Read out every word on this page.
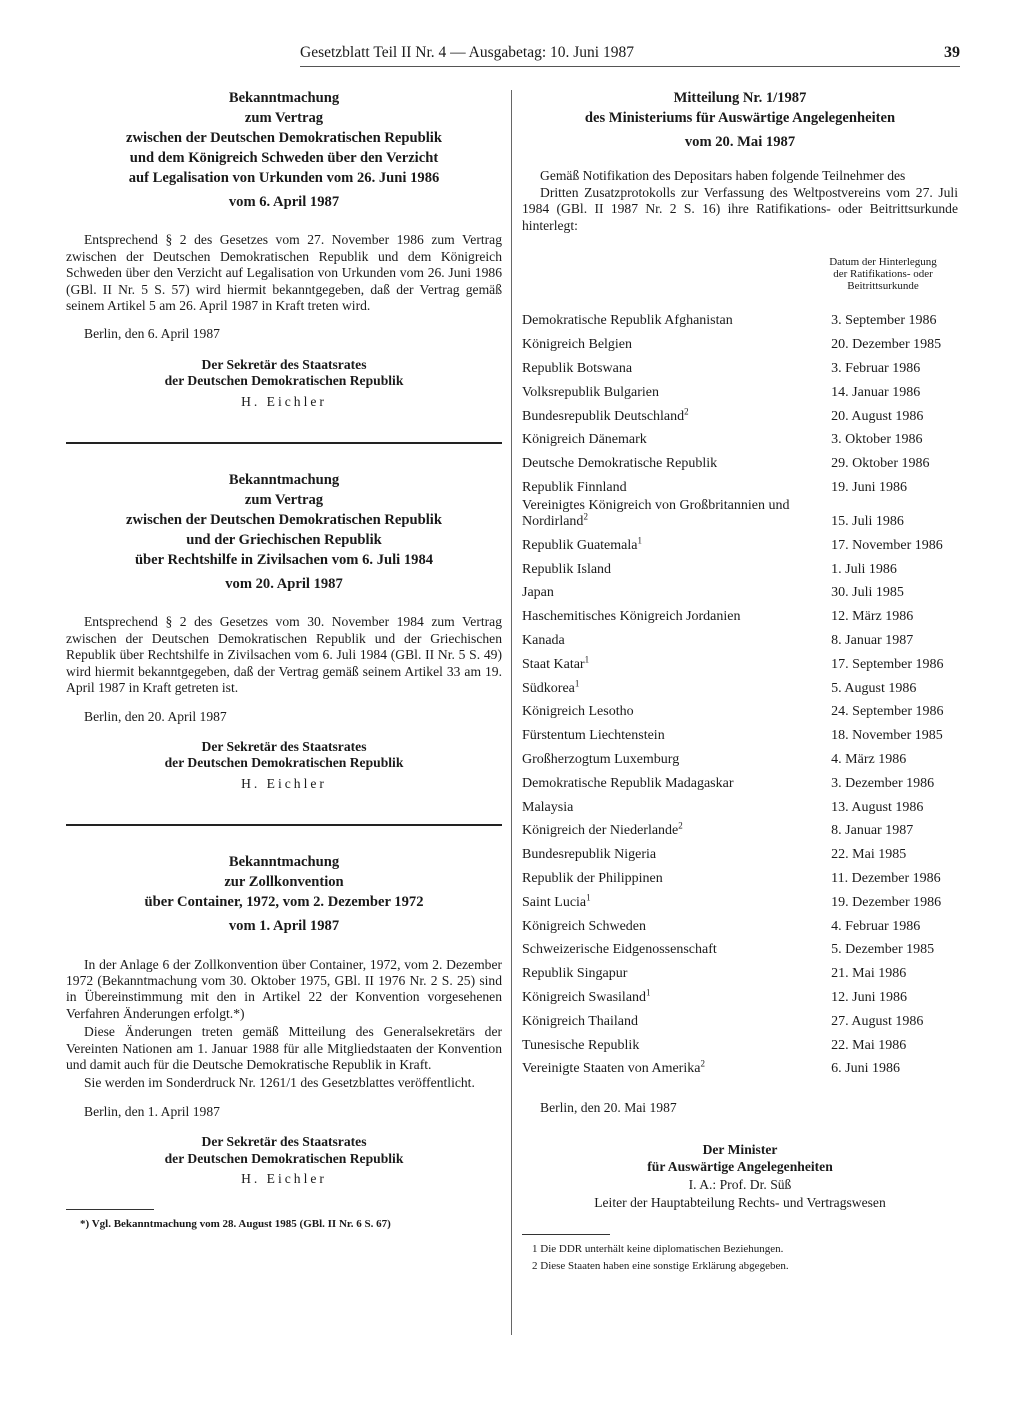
Gesetzblatt Teil II Nr. 4 — Ausgabetag: 10. Juni 1987	39
Bekanntmachung
zum Vertrag
zwischen der Deutschen Demokratischen Republik
und dem Königreich Schweden über den Verzicht
auf Legalisation von Urkunden vom 26. Juni 1986
vom 6. April 1987

Entsprechend § 2 des Gesetzes vom 27. November 1986 zum Vertrag zwischen der Deutschen Demokratischen Republik und dem Königreich Schweden über den Verzicht auf Legalisation von Urkunden vom 26. Juni 1986 (GBl. II Nr. 5 S. 57) wird hiermit bekanntgegeben, daß der Vertrag gemäß seinem Artikel 5 am 26. April 1987 in Kraft treten wird.

Berlin, den 6. April 1987
Der Sekretär des Staatsrates
der Deutschen Demokratischen Republik
H. Eichler
Bekanntmachung
zum Vertrag
zwischen der Deutschen Demokratischen Republik
und der Griechischen Republik
über Rechtshilfe in Zivilsachen vom 6. Juli 1984
vom 20. April 1987

Entsprechend § 2 des Gesetzes vom 30. November 1984 zum Vertrag zwischen der Deutschen Demokratischen Republik und der Griechischen Republik über Rechtshilfe in Zivilsachen vom 6. Juli 1984 (GBl. II Nr. 5 S. 49) wird hiermit bekanntgegeben, daß der Vertrag gemäß seinem Artikel 33 am 19. April 1987 in Kraft getreten ist.

Berlin, den 20. April 1987
Der Sekretär des Staatsrates
der Deutschen Demokratischen Republik
H. Eichler
Bekanntmachung
zur Zollkonvention
über Container, 1972, vom 2. Dezember 1972
vom 1. April 1987

In der Anlage 6 der Zollkonvention über Container, 1972, vom 2. Dezember 1972 (Bekanntmachung vom 30. Oktober 1975, GBl. II 1976 Nr. 2 S. 25) sind in Übereinstimmung mit den in Artikel 22 der Konvention vorgesehenen Verfahren Änderungen erfolgt.*)

Diese Änderungen treten gemäß Mitteilung des Generalsekretärs der Vereinten Nationen am 1. Januar 1988 für alle Mitgliedstaaten der Konvention und damit auch für die Deutsche Demokratische Republik in Kraft.

Sie werden im Sonderdruck Nr. 1261/1 des Gesetzblattes veröffentlicht.

Berlin, den 1. April 1987
Der Sekretär des Staatsrates
der Deutschen Demokratischen Republik
H. Eichler
*) Vgl. Bekanntmachung vom 28. August 1985 (GBl. II Nr. 6 S. 67)
Mitteilung Nr. 1/1987
des Ministeriums für Auswärtige Angelegenheiten
vom 20. Mai 1987
Gemäß Notifikation des Depositars haben folgende Teilnehmer des
Dritten Zusatzprotokolls zur Verfassung des Weltpostvereins vom 27. Juli 1984 (GBl. II 1987 Nr. 2 S. 16) ihre Ratifikations- oder Beitrittsurkunde hinterlegt:
Datum der Hinterlegung
der Ratifikations- oder
Beitrittsurkunde
Demokratische Republik Afghanistan	3. September 1986
Königreich Belgien	20. Dezember 1985
Republik Botswana	3. Februar 1986
Volksrepublik Bulgarien	14. Januar 1986
Bundesrepublik Deutschland$^2$	20. August 1986
Königreich Dänemark	3. Oktober 1986
Deutsche Demokratische Republik	29. Oktober 1986
Republik Finnland	19. Juni 1986
Vereinigtes Königreich von Großbritannien und Nordirland$^2$	15. Juli 1986
Republik Guatemala$^1$	17. November 1986
Republik Island	1. Juli 1986
Japan	30. Juli 1985
Haschemitisches Königreich Jordanien	12. März 1986
Kanada	8. Januar 1987
Staat Katar$^1$	17. September 1986
Südkorea$^1$	5. August 1986
Königreich Lesotho	24. September 1986
Fürstentum Liechtenstein	18. November 1985
Großherzogtum Luxemburg	4. März 1986
Demokratische Republik Madagaskar	3. Dezember 1986
Malaysia	13. August 1986
Königreich der Niederlande$^2$	8. Januar 1987
Bundesrepublik Nigeria	22. Mai 1985
Republik der Philippinen	11. Dezember 1986
Saint Lucia$^1$	19. Dezember 1986
Königreich Schweden	4. Februar 1986
Schweizerische Eidgenossenschaft	5. Dezember 1985
Republik Singapur	21. Mai 1986
Königreich Swasiland$^1$	12. Juni 1986
Königreich Thailand	27. August 1986
Tunesische Republik	22. Mai 1986
Vereinigte Staaten von Amerika$^2$	6. Juni 1986
Berlin, den 20. Mai 1987
Der Minister
für Auswärtige Angelegenheiten
I. A.: Prof. Dr. Süß
Leiter der Hauptabteilung Rechts- und Vertragswesen
1 Die DDR unterhält keine diplomatischen Beziehungen.
2 Diese Staaten haben eine sonstige Erklärung abgegeben.
